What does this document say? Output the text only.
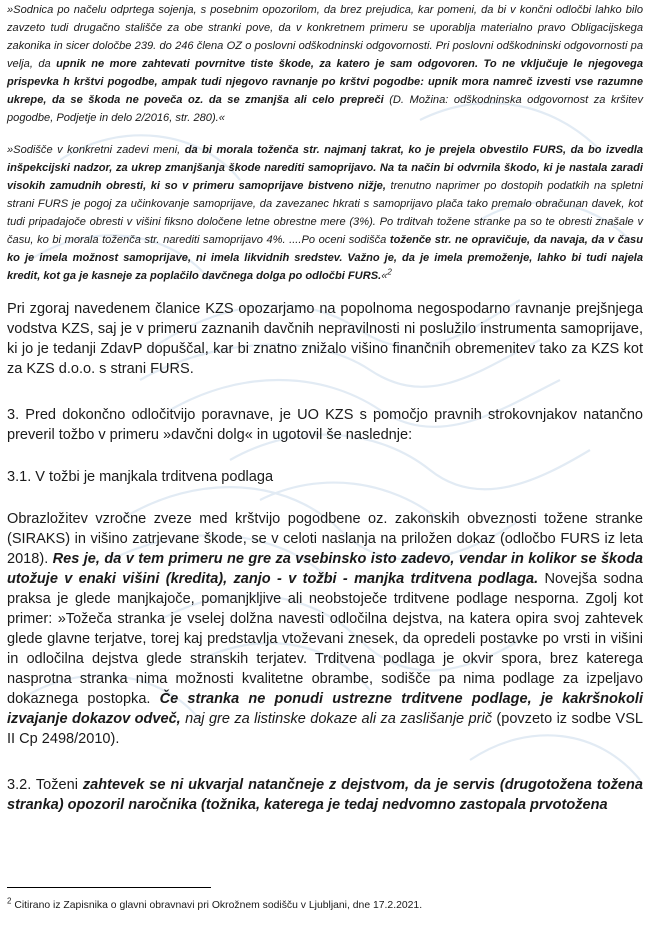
»Sodnica po načelu odprtega sojenja, s posebnim opozorilom, da brez prejudica, kar pomeni, da bi v končni odločbi lahko bilo zavzeto tudi drugačno stališče za obe stranki pove, da v konkretnem primeru se uporablja materialno pravo Obligacijskega zakonika in sicer določbe 239. do 246 člena OZ o poslovni odškodninski odgovornosti. Pri poslovni odškodninski odgovornosti pa velja, da upnik ne more zahtevati povrnitve tiste škode, za katero je sam odgovoren. To ne vključuje le njegovega prispevka h krštvi pogodbe, ampak tudi njegovo ravnanje po krštvi pogodbe: upnik mora namreč izvesti vse razumne ukrepe, da se škoda ne poveča oz. da se zmanjša ali celo prepreči (D. Možina: odškodninska odgovornost za kršitev pogodbe, Podjetje in delo 2/2016, str. 280).«

»Sodišče v konkretni zadevi meni, da bi morala toženča str. najmanj takrat, ko je prejela obvestilo FURS, da bo izvedla inšpekcijski nadzor, za ukrep zmanjšanja škode narediti samoprijavo. Na ta način bi odvrnila škodo, ki je nastala zaradi visokih zamudnih obresti, ki so v primeru samoprijave bistveno nižje, trenutno naprimer po dostopih podatkih na spletni strani FURS je pogoj za učinkovanje samoprijave, da zavezanec hkrati s samoprijavo plača tako premalo obračunan davek, kot tudi pripadajoče obresti v višini fiksno določene letne obrestne mere (3%). Po trditvah tožene stranke pa so te obresti znašale v času, ko bi morala toženča str. narediti samoprijavo 4%. ....Po oceni sodišča toženče str. ne opravičuje, da navaja, da v času ko je imela možnost samoprijave, ni imela likvidnih sredstev. Važno je, da je imela premoženje, lahko bi tudi najela kredit, kot ga je kasneje za poplačilo davčnega dolga po odločbi FURS.«$^2$

Pri zgoraj navedenem članice KZS opozarjamo na popolnoma negospodarno ravnanje prejšnjega vodstva KZS, saj je v primeru zaznanih davčnih nepravilnosti ni poslužilo instrumenta samoprijave, ki jo je tedanji ZdavP dopuščal, kar bi znatno znižalo višino finančnih obremenitev tako za KZS kot za KZS d.o.o. s strani FURS.

3. Pred dokončno odločitvijo poravnave, je UO KZS s pomočjo pravnih strokovnjakov natančno preveril tožbo v primeru »davčni dolg« in ugotovil še naslednje:

3.1. V tožbi je manjkala trditvena podlaga

Obrazložitev vzročne zveze med krštvijo pogodbene oz. zakonskih obveznosti tožene stranke (SIRAKS) in višino zatrjevane škode, se v celoti naslanja na priložen dokaz (odločbo FURS iz leta 2018). Res je, da v tem primeru ne gre za vsebinsko isto zadevo, vendar in kolikor se škoda utožuje v enaki višini (kredita), zanjo - v tožbi - manjka trditvena podlaga. Novejša sodna praksa je glede manjkajoče, pomanjkljive ali neobstoječe trditvene podlage nesporna. Zgolj kot primer: »Tožeča stranka je vselej dolžna navesti odločilna dejstva, na katera opira svoj zahtevek glede glavne terjatve, torej kaj predstavlja vtoževani znesek, da opredeli postavke po vrsti in višini in odločilna dejstva glede stranskih terjatev. Trditvena podlaga je okvir spora, brez katerega nasprotna stranka nima možnosti kvalitetne obrambe, sodišče pa nima podlage za izpeljavo dokaznega postopka. Če stranka ne ponudi ustrezne trditvene podlage, je kakršnokoli izvajanje dokazov odveč, naj gre za listinske dokaze ali za zaslišanje prič (povzeto iz sodbe VSL II Cp 2498/2010).

3.2. Toženi zahtevek se ni ukvarjal natančneje z dejstvom, da je servis (drugotožena tožena stranka) opozoril naročnika (tožnika, katerega je tedaj nedvomno zastopala prvotožena

$^2$ Citirano iz Zapisnika o glavni obravnavi pri Okrožnem sodišču v Ljubljani, dne 17.2.2021.
